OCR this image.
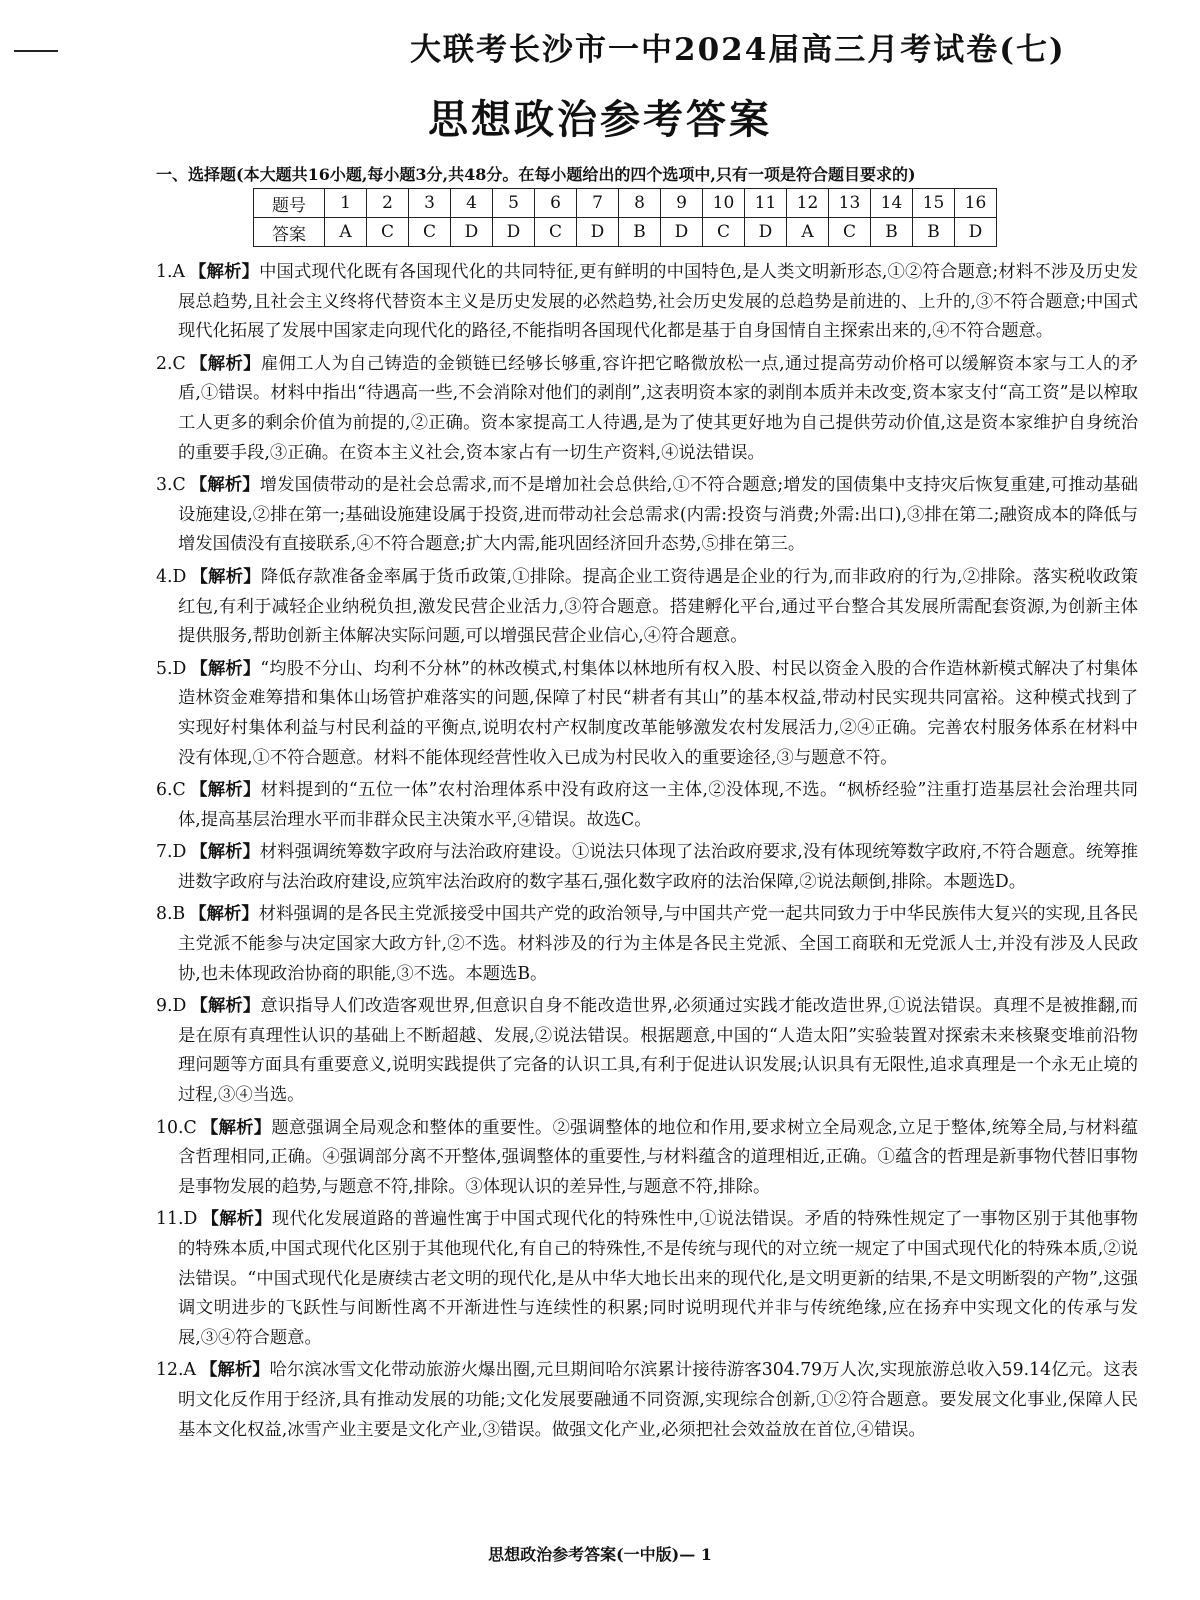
大联考长沙市一中2024届高三月考试卷(七)
思想政治参考答案
一、选择题(本大题共16小题,每小题3分,共48分。在每小题给出的四个选项中,只有一项是符合题目要求的)
题号	1	2	3	4	5	6	7	8	9	10	11	12	13	14	15	16
答案	A	C	C	D	D	C	D	B	D	C	D	A	C	B	B	D

1.A 【解析】中国式现代化既有各国现代化的共同特征,更有鲜明的中国特色,是人类文明新形态,①②符合题意;材料不涉及历史发展总趋势,且社会主义终将代替资本主义是历史发展的必然趋势,社会历史发展的总趋势是前进的、上升的,③不符合题意;中国式现代化拓展了发展中国家走向现代化的路径,不能指明各国现代化都是基于自身国情自主探索出来的,④不符合题意。

2.C 【解析】雇佣工人为自己铸造的金锁链已经够长够重,容许把它略微放松一点,通过提高劳动价格可以缓解资本家与工人的矛盾,①错误。材料中指出“待遇高一些,不会消除对他们的剥削”,这表明资本家的剥削本质并未改变,资本家支付“高工资”是以榨取工人更多的剩余价值为前提的,②正确。资本家提高工人待遇,是为了使其更好地为自己提供劳动价值,这是资本家维护自身统治的重要手段,③正确。在资本主义社会,资本家占有一切生产资料,④说法错误。

3.C 【解析】增发国债带动的是社会总需求,而不是增加社会总供给,①不符合题意;增发的国债集中支持灾后恢复重建,可推动基础设施建设,②排在第一;基础设施建设属于投资,进而带动社会总需求(内需:投资与消费;外需:出口),③排在第二;融资成本的降低与增发国债没有直接联系,④不符合题意;扩大内需,能巩固经济回升态势,⑤排在第三。

4.D 【解析】降低存款准备金率属于货币政策,①排除。提高企业工资待遇是企业的行为,而非政府的行为,②排除。落实税收政策红包,有利于减轻企业纳税负担,激发民营企业活力,③符合题意。搭建孵化平台,通过平台整合其发展所需配套资源,为创新主体提供服务,帮助创新主体解决实际问题,可以增强民营企业信心,④符合题意。

5.D 【解析】“均股不分山、均利不分林”的林改模式,村集体以林地所有权入股、村民以资金入股的合作造林新模式解决了村集体造林资金难筹措和集体山场管护难落实的问题,保障了村民“耕者有其山”的基本权益,带动村民实现共同富裕。这种模式找到了实现好村集体利益与村民利益的平衡点,说明农村产权制度改革能够激发农村发展活力,②④正确。完善农村服务体系在材料中没有体现,①不符合题意。材料不能体现经营性收入已成为村民收入的重要途径,③与题意不符。

6.C 【解析】材料提到的“五位一体”农村治理体系中没有政府这一主体,②没体现,不选。“枫桥经验”注重打造基层社会治理共同体,提高基层治理水平而非群众民主决策水平,④错误。故选C。

7.D 【解析】材料强调统筹数字政府与法治政府建设。①说法只体现了法治政府要求,没有体现统筹数字政府,不符合题意。统筹推进数字政府与法治政府建设,应筑牢法治政府的数字基石,强化数字政府的法治保障,②说法颠倒,排除。本题选D。

8.B 【解析】材料强调的是各民主党派接受中国共产党的政治领导,与中国共产党一起共同致力于中华民族伟大复兴的实现,且各民主党派不能参与决定国家大政方针,②不选。材料涉及的行为主体是各民主党派、全国工商联和无党派人士,并没有涉及人民政协,也未体现政治协商的职能,③不选。本题选B。

9.D 【解析】意识指导人们改造客观世界,但意识自身不能改造世界,必须通过实践才能改造世界,①说法错误。真理不是被推翻,而是在原有真理性认识的基础上不断超越、发展,②说法错误。根据题意,中国的“人造太阳”实验装置对探索未来核聚变堆前沿物理问题等方面具有重要意义,说明实践提供了完备的认识工具,有利于促进认识发展;认识具有无限性,追求真理是一个永无止境的过程,③④当选。

10.C 【解析】题意强调全局观念和整体的重要性。②强调整体的地位和作用,要求树立全局观念,立足于整体,统筹全局,与材料蕴含哲理相同,正确。④强调部分离不开整体,强调整体的重要性,与材料蕴含的道理相近,正确。①蕴含的哲理是新事物代替旧事物是事物发展的趋势,与题意不符,排除。③体现认识的差异性,与题意不符,排除。

11.D 【解析】现代化发展道路的普遍性寓于中国式现代化的特殊性中,①说法错误。矛盾的特殊性规定了一事物区别于其他事物的特殊本质,中国式现代化区别于其他现代化,有自己的特殊性,不是传统与现代的对立统一规定了中国式现代化的特殊本质,②说法错误。“中国式现代化是赓续古老文明的现代化,是从中华大地长出来的现代化,是文明更新的结果,不是文明断裂的产物”,这强调文明进步的飞跃性与间断性离不开渐进性与连续性的积累;同时说明现代并非与传统绝缘,应在扬弃中实现文化的传承与发展,③④符合题意。

12.A 【解析】哈尔滨冰雪文化带动旅游火爆出圈,元旦期间哈尔滨累计接待游客304.79万人次,实现旅游总收入59.14亿元。这表明文化反作用于经济,具有推动发展的功能;文化发展要融通不同资源,实现综合创新,①②符合题意。要发展文化事业,保障人民基本文化权益,冰雪产业主要是文化产业,③错误。做强文化产业,必须把社会效益放在首位,④错误。

思想政治参考答案(一中版)— 1
